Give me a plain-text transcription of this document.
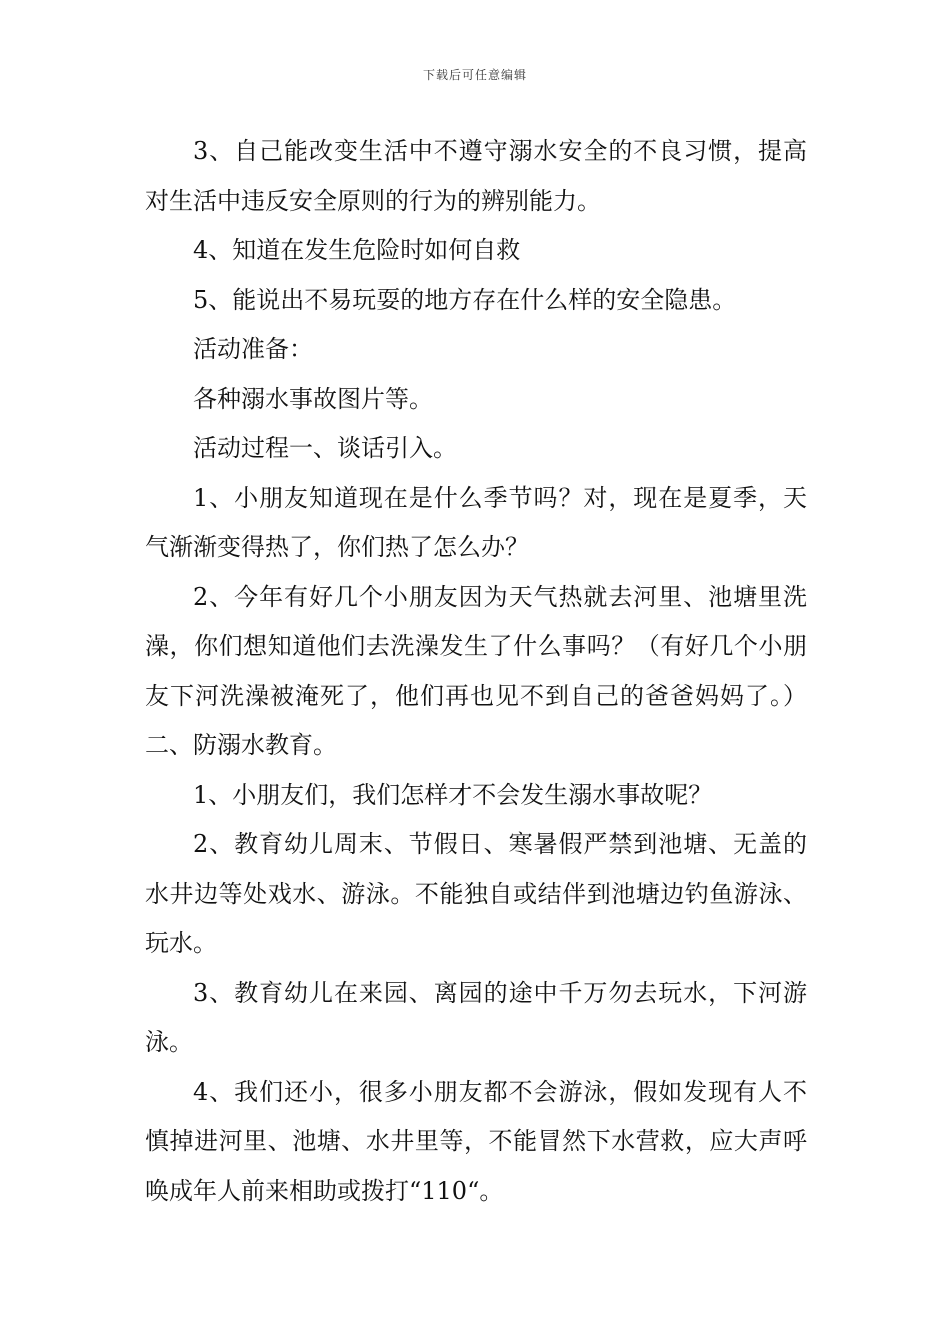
下载后可任意编辑

3、自己能改变生活中不遵守溺水安全的不良习惯，提高对生活中违反安全原则的行为的辨别能力。

4、知道在发生危险时如何自救

5、能说出不易玩耍的地方存在什么样的安全隐患。

活动准备：

各种溺水事故图片等。

活动过程一、谈话引入。

1、小朋友知道现在是什么季节吗？对，现在是夏季，天气渐渐变得热了，你们热了怎么办？

2、今年有好几个小朋友因为天气热就去河里、池塘里洗澡，你们想知道他们去洗澡发生了什么事吗？（有好几个小朋友下河洗澡被淹死了，他们再也见不到自己的爸爸妈妈了。）二、防溺水教育。

1、小朋友们，我们怎样才不会发生溺水事故呢？

2、教育幼儿周末、节假日、寒暑假严禁到池塘、无盖的水井边等处戏水、游泳。不能独自或结伴到池塘边钓鱼游泳、玩水。

3、教育幼儿在来园、离园的途中千万勿去玩水，下河游泳。

4、我们还小，很多小朋友都不会游泳，假如发现有人不慎掉进河里、池塘、水井里等，不能冒然下水营救，应大声呼唤成年人前来相助或拨打“110“。
